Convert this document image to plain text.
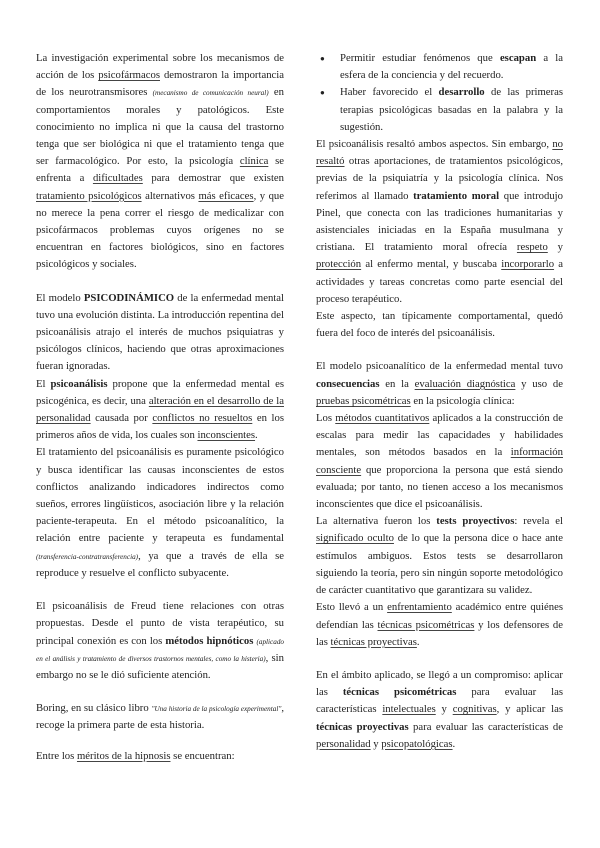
La investigación experimental sobre los mecanismos de acción de los psicofármacos demostraron la importancia de los neurotransmisores (mecanismo de comunicación neural) en comportamientos morales y patológicos. Este conocimiento no implica ni que la causa del trastorno tenga que ser biológica ni que el tratamiento tenga que ser farmacológico. Por esto, la psicología clínica se enfrenta a dificultades para demostrar que existen tratamiento psicológicos alternativos más eficaces, y que no merece la pena correr el riesgo de medicalizar con psicofármacos problemas cuyos orígenes no se encuentran en factores biológicos, sino en factores psicológicos y sociales.

El modelo PSICODINÁMICO de la enfermedad mental tuvo una evolución distinta. La introducción repentina del psicoanálisis atrajo el interés de muchos psiquiatras y psicólogos clínicos, haciendo que otras aproximaciones fueran ignoradas.

El psicoanálisis propone que la enfermedad mental es psicogénica, es decir, una alteración en el desarrollo de la personalidad causada por conflictos no resueltos en los primeros años de vida, los cuales son inconscientes.

El tratamiento del psicoanálisis es puramente psicológico y busca identificar las causas inconscientes de estos conflictos analizando indicadores indirectos como sueños, errores lingüísticos, asociación libre y la relación paciente-terapeuta. En el método psicoanalítico, la relación entre paciente y terapeuta es fundamental (transferencia-contratransferencia), ya que a través de ella se reproduce y resuelve el conflicto subyacente.

El psicoanálisis de Freud tiene relaciones con otras propuestas. Desde el punto de vista terapéutico, su principal conexión es con los métodos hipnóticos (aplicado en el análisis y tratamiento de diversos trastornos mentales, como la histeria), sin embargo no se le dió suficiente atención.

Boring, en su clásico libro "Una historia de la psicología experimental", recoge la primera parte de esta historia.

Entre los méritos de la hipnosis se encuentran:

● Permitir estudiar fenómenos que escapan a la esfera de la conciencia y del recuerdo.
● Haber favorecido el desarrollo de las primeras terapias psicológicas basadas en la palabra y la sugestión.

El psicoanálisis resaltó ambos aspectos. Sin embargo, no resaltó otras aportaciones, de tratamientos psicológicos, previas de la psiquiatría y la psicología clínica. Nos referimos al llamado tratamiento moral que introdujo Pinel, que conecta con las tradiciones humanitarias y asistenciales iniciadas en la España musulmana y cristiana. El tratamiento moral ofrecía respeto y protección al enfermo mental, y buscaba incorporarlo a actividades y tareas concretas como parte esencial del proceso terapéutico.

Este aspecto, tan típicamente comportamental, quedó fuera del foco de interés del psicoanálisis.

El modelo psicoanalítico de la enfermedad mental tuvo consecuencias en la evaluación diagnóstica y uso de pruebas psicométricas en la psicología clínica:

Los métodos cuantitativos aplicados a la construcción de escalas para medir las capacidades y habilidades mentales, son métodos basados en la información consciente que proporciona la persona que está siendo evaluada; por tanto, no tienen acceso a los mecanismos inconscientes que dice el psicoanálisis.

La alternativa fueron los tests proyectivos: revela el significado oculto de lo que la persona dice o hace ante estímulos ambiguos. Estos tests se desarrollaron siguiendo la teoría, pero sin ningún soporte metodológico de carácter cuantitativo que garantizara su validez.

Esto llevó a un enfrentamiento académico entre quiénes defendían las técnicas psicométricas y los defensores de las técnicas proyectivas.

En el ámbito aplicado, se llegó a un compromiso: aplicar las técnicas psicométricas para evaluar las características intelectuales y cognitivas, y aplicar las técnicas proyectivas para evaluar las características de personalidad y psicopatológicas.
